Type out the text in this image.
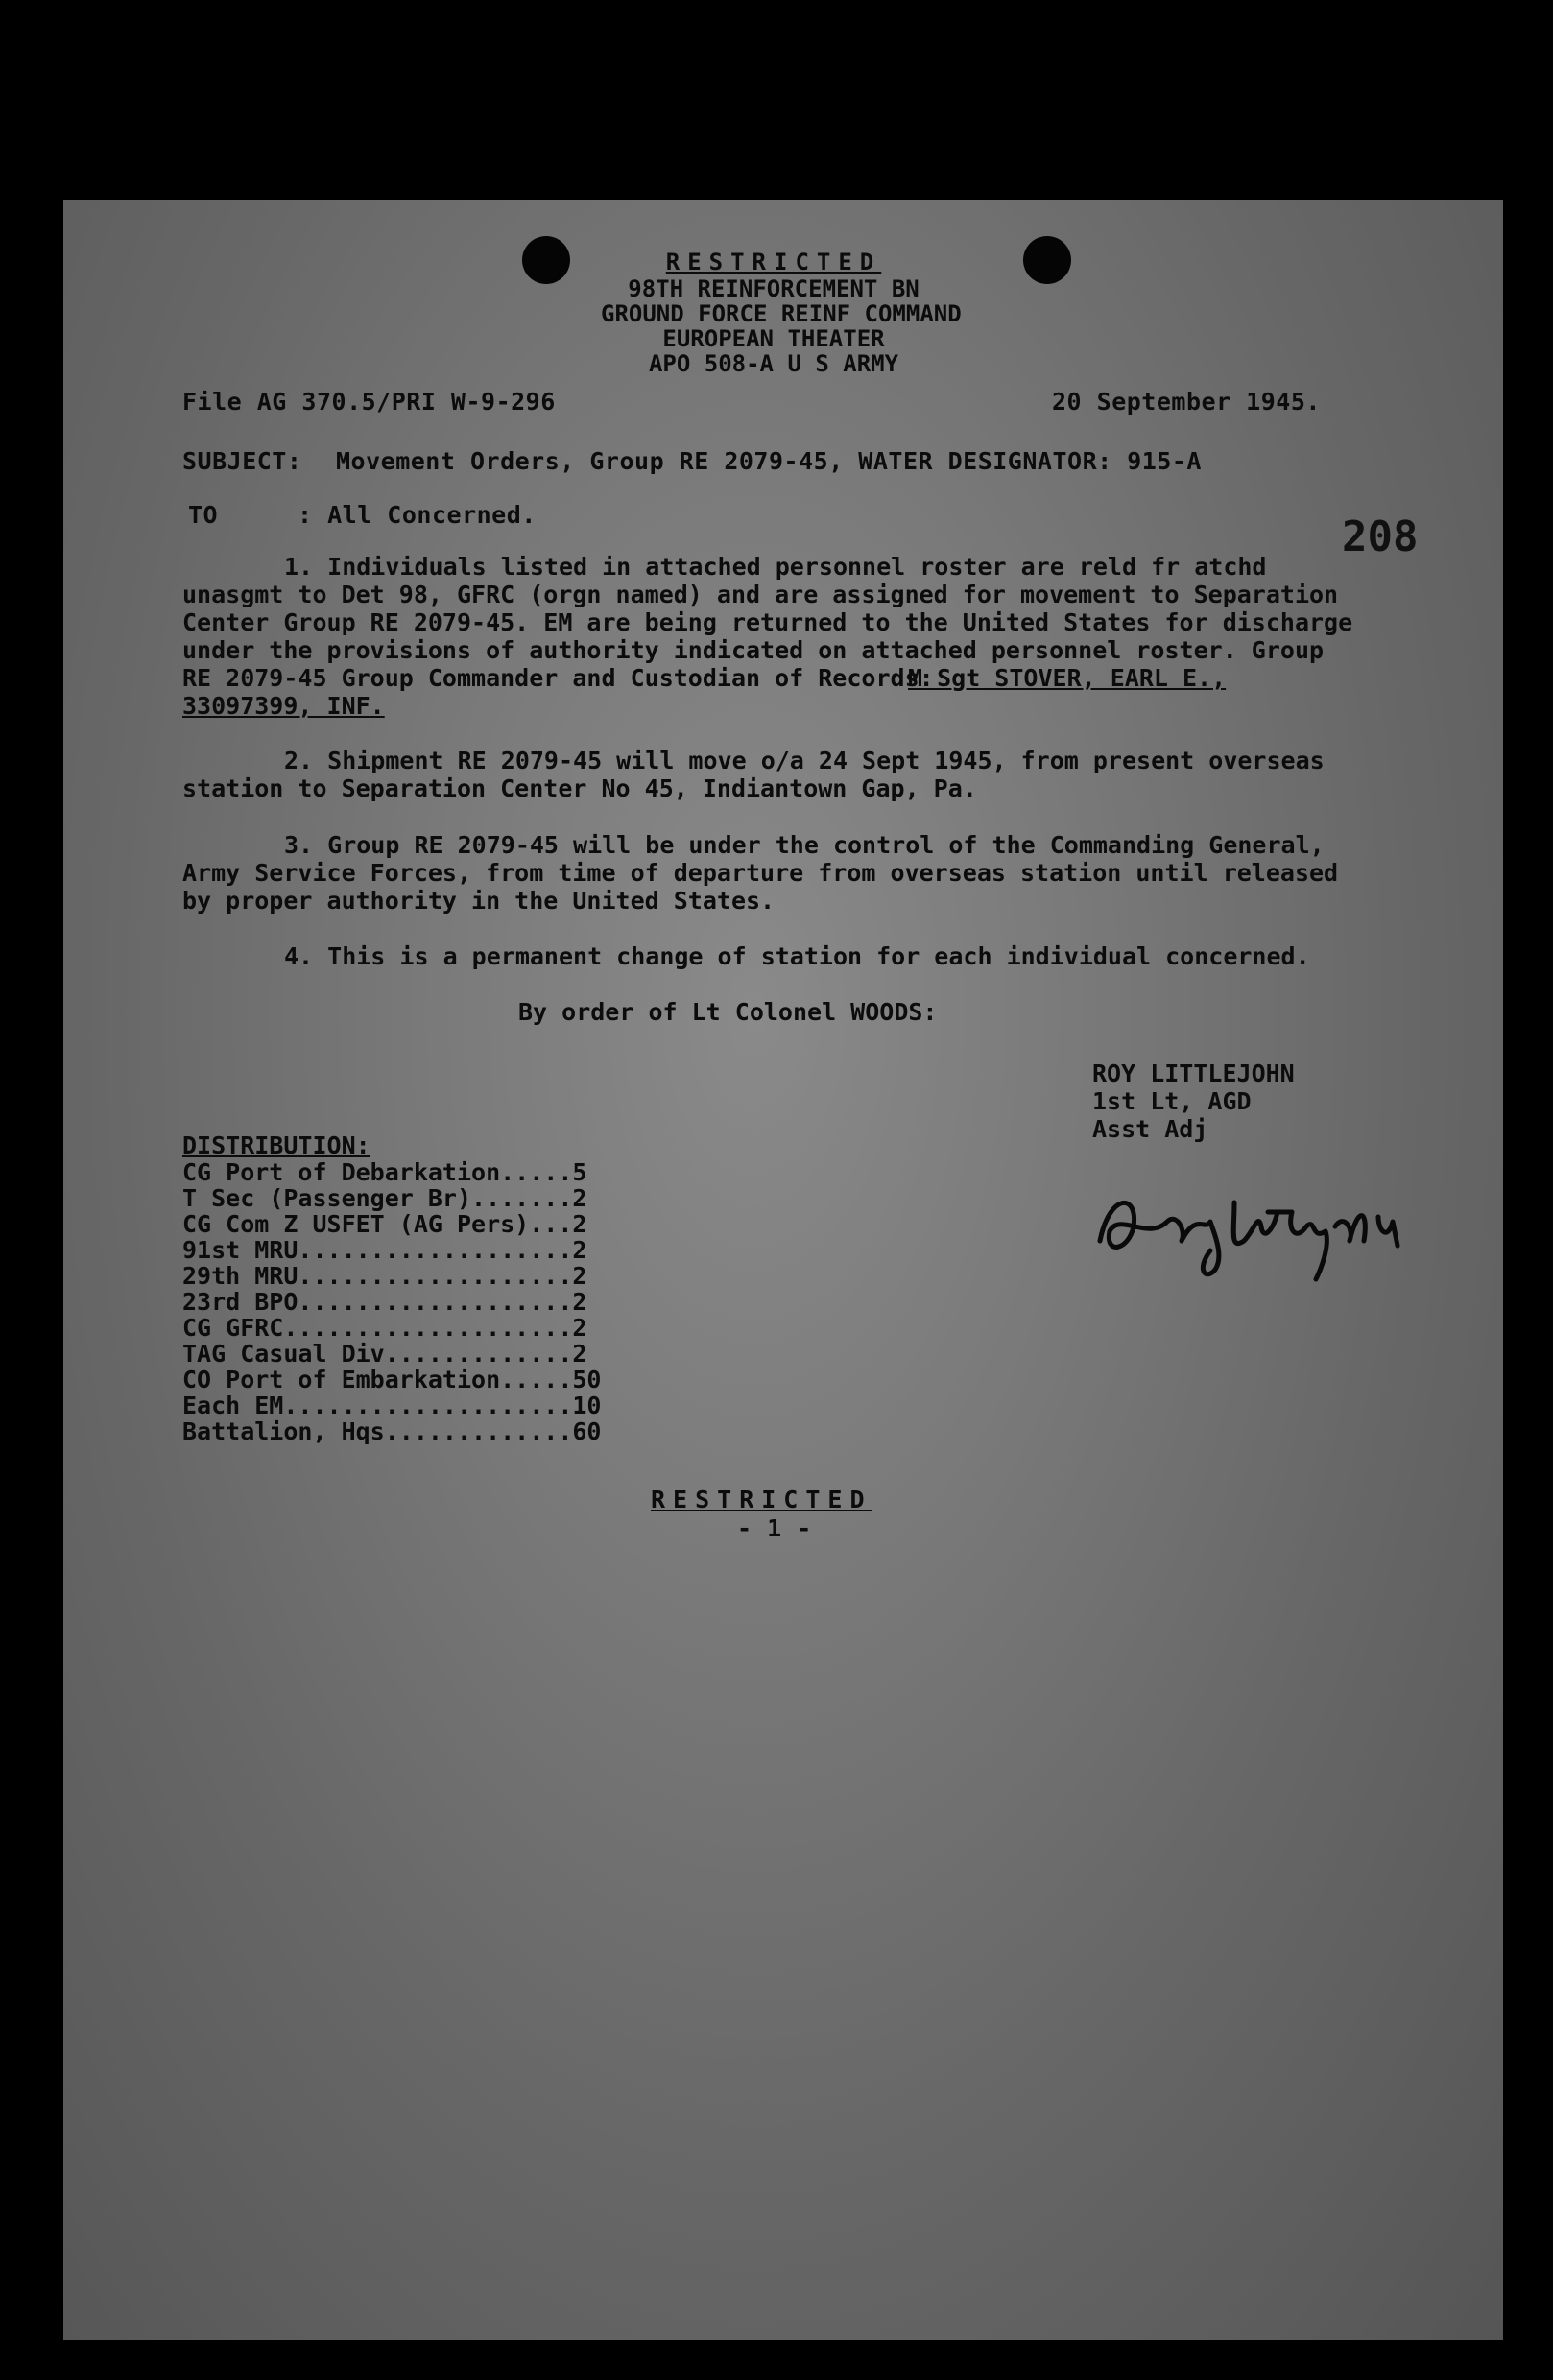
RESTRICTED
98TH REINFORCEMENT BN
GROUND FORCE REINF COMMAND
EUROPEAN THEATER
APO 508-A U S ARMY
File AG 370.5/PRI W-9-296	20 September 1945.
SUBJECT: Movement Orders, Group RE 2079-45, WATER DESIGNATOR: 915-A
TO	: All Concerned.	208
1. Individuals listed in attached personnel roster are reld fr atchd
unasgmt to Det 98, GFRC (orgn named) and are assigned for movement to Separation
Center Group RE 2079-45. EM are being returned to the United States for discharge
under the provisions of authority indicated on attached personnel roster. Group
RE 2079-45 Group Commander and Custodian of Records:
M Sgt STOVER, EARL E.,
33097399, INF.
2. Shipment RE 2079-45 will move o/a 24 Sept 1945, from present overseas
station to Separation Center No 45, Indiantown Gap, Pa.
3. Group RE 2079-45 will be under the control of the Commanding General,
Army Service Forces, from time of departure from overseas station until released
by proper authority in the United States.
4. This is a permanent change of station for each individual concerned.
By order of Lt Colonel WOODS:
ROY LITTLEJOHN
1st Lt, AGD
Asst Adj
DISTRIBUTION:
CG Port of Debarkation.....5
T Sec (Passenger Br).......2
CG Com Z USFET (AG Pers)...2
91st MRU...................2
29th MRU...................2
23rd BPO...................2
CG GFRC....................2
TAG Casual Div.............2
CO Port of Embarkation.....50
Each EM....................10
Battalion, Hqs.............60
RESTRICTED
- 1 -
